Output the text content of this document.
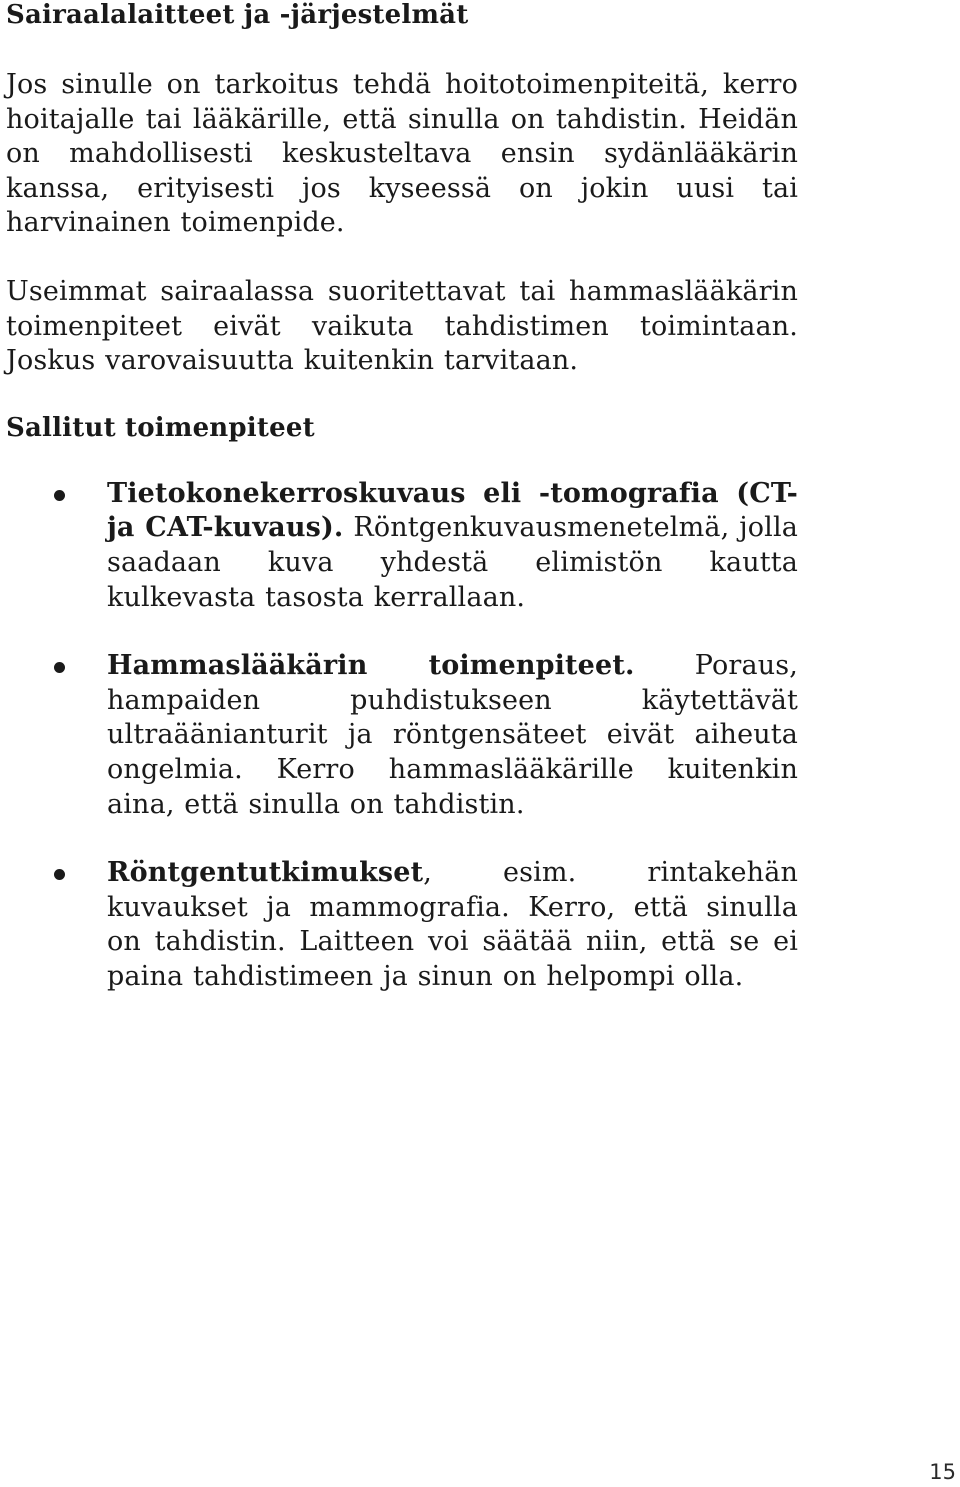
Sairaalalaitteet ja -järjestelmät

Jos sinulle on tarkoitus tehdä hoitotoimenpiteitä, kerro hoitajalle tai lääkärille, että sinulla on tahdistin. Heidän on mahdollisesti keskusteltava ensin sydänlääkärin kanssa, erityisesti jos kyseessä on jokin uusi tai harvinainen toimenpide.

Useimmat sairaalassa suoritettavat tai hammaslääkärin toimenpiteet eivät vaikuta tahdistimen toimintaan. Joskus varovaisuutta kuitenkin tarvitaan.

Sallitut toimenpiteet
Tietokonekerroskuvaus eli -tomografia (CT- ja CAT-kuvaus). Röntgenkuvausmenetelmä, jolla saadaan kuva yhdestä elimistön kautta kulkevasta tasosta kerrallaan.
Hammaslääkärin toimenpiteet. Poraus, hampaiden puhdistukseen käytettävät ultraäänianturit ja röntgensäteet eivät aiheuta ongelmia. Kerro hammaslääkärille kuitenkin aina, että sinulla on tahdistin.
Röntgentutkimukset, esim. rintakehän kuvaukset ja mammografia. Kerro, että sinulla on tahdistin. Laitteen voi säätää niin, että se ei paina tahdistimeen ja sinun on helpompi olla.
15
